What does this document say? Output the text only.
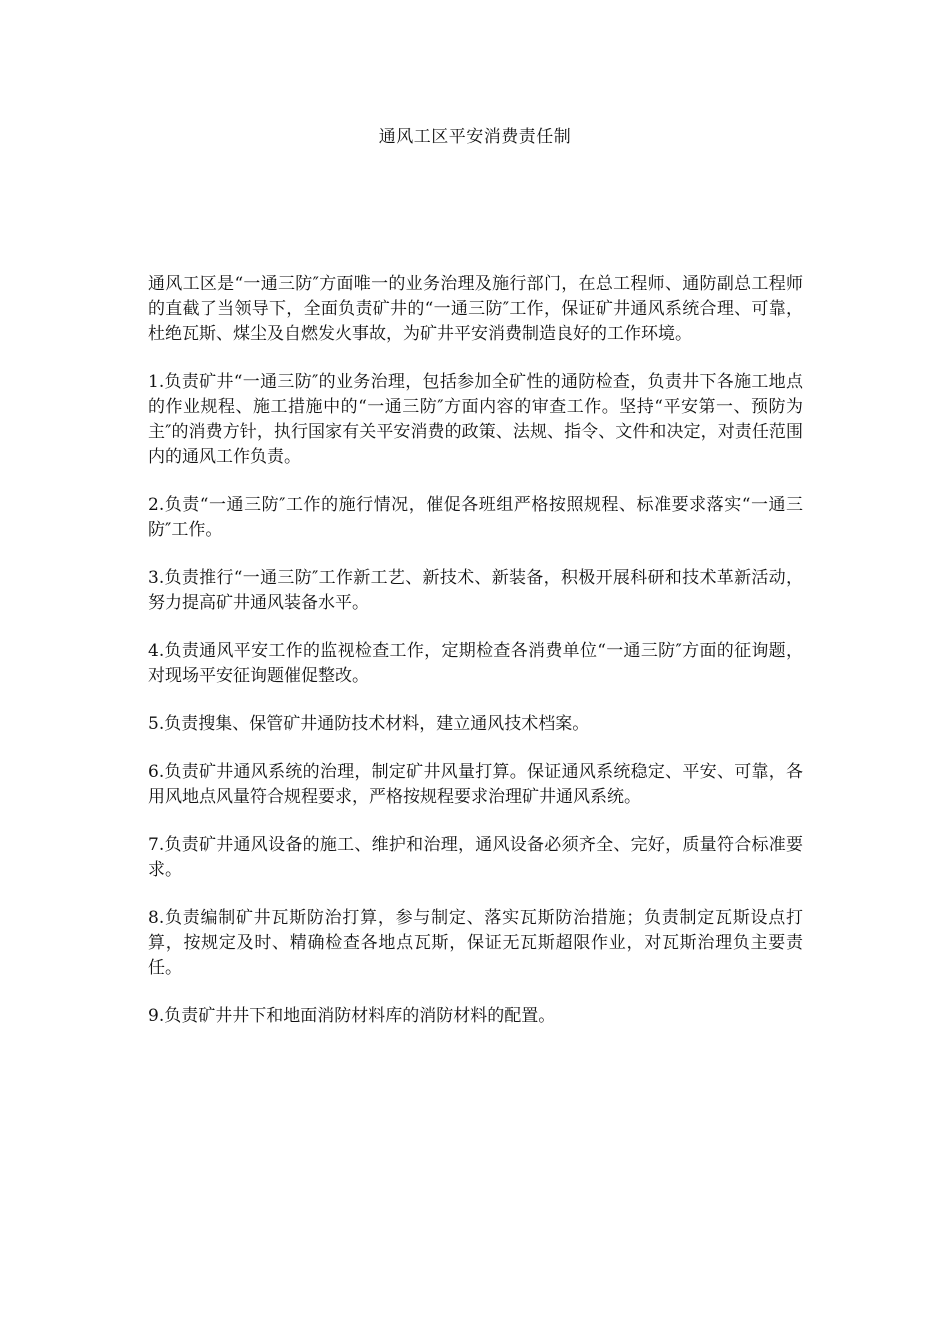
通风工区平安消费责任制

通风工区是“一通三防″方面唯一的业务治理及施行部门，在总工程师、通防副总工程师的直截了当领导下，全面负责矿井的“一通三防″工作，保证矿井通风系统合理、可靠，杜绝瓦斯、煤尘及自燃发火事故，为矿井平安消费制造良好的工作环境。

1.负责矿井“一通三防″的业务治理，包括参加全矿性的通防检查，负责井下各施工地点的作业规程、施工措施中的“一通三防″方面内容的审查工作。坚持“平安第一、预防为主″的消费方针，执行国家有关平安消费的政策、法规、指令、文件和决定，对责任范围内的通风工作负责。

2.负责“一通三防″工作的施行情况，催促各班组严格按照规程、标准要求落实“一通三防″工作。

3.负责推行“一通三防″工作新工艺、新技术、新装备，积极开展科研和技术革新活动，努力提高矿井通风装备水平。

4.负责通风平安工作的监视检查工作，定期检查各消费单位“一通三防″方面的征询题，对现场平安征询题催促整改。

5.负责搜集、保管矿井通防技术材料，建立通风技术档案。

6.负责矿井通风系统的治理，制定矿井风量打算。保证通风系统稳定、平安、可靠，各用风地点风量符合规程要求，严格按规程要求治理矿井通风系统。

7.负责矿井通风设备的施工、维护和治理，通风设备必须齐全、完好，质量符合标准要求。

8.负责编制矿井瓦斯防治打算，参与制定、落实瓦斯防治措施；负责制定瓦斯设点打算，按规定及时、精确检查各地点瓦斯，保证无瓦斯超限作业，对瓦斯治理负主要责任。

9.负责矿井井下和地面消防材料库的消防材料的配置。
